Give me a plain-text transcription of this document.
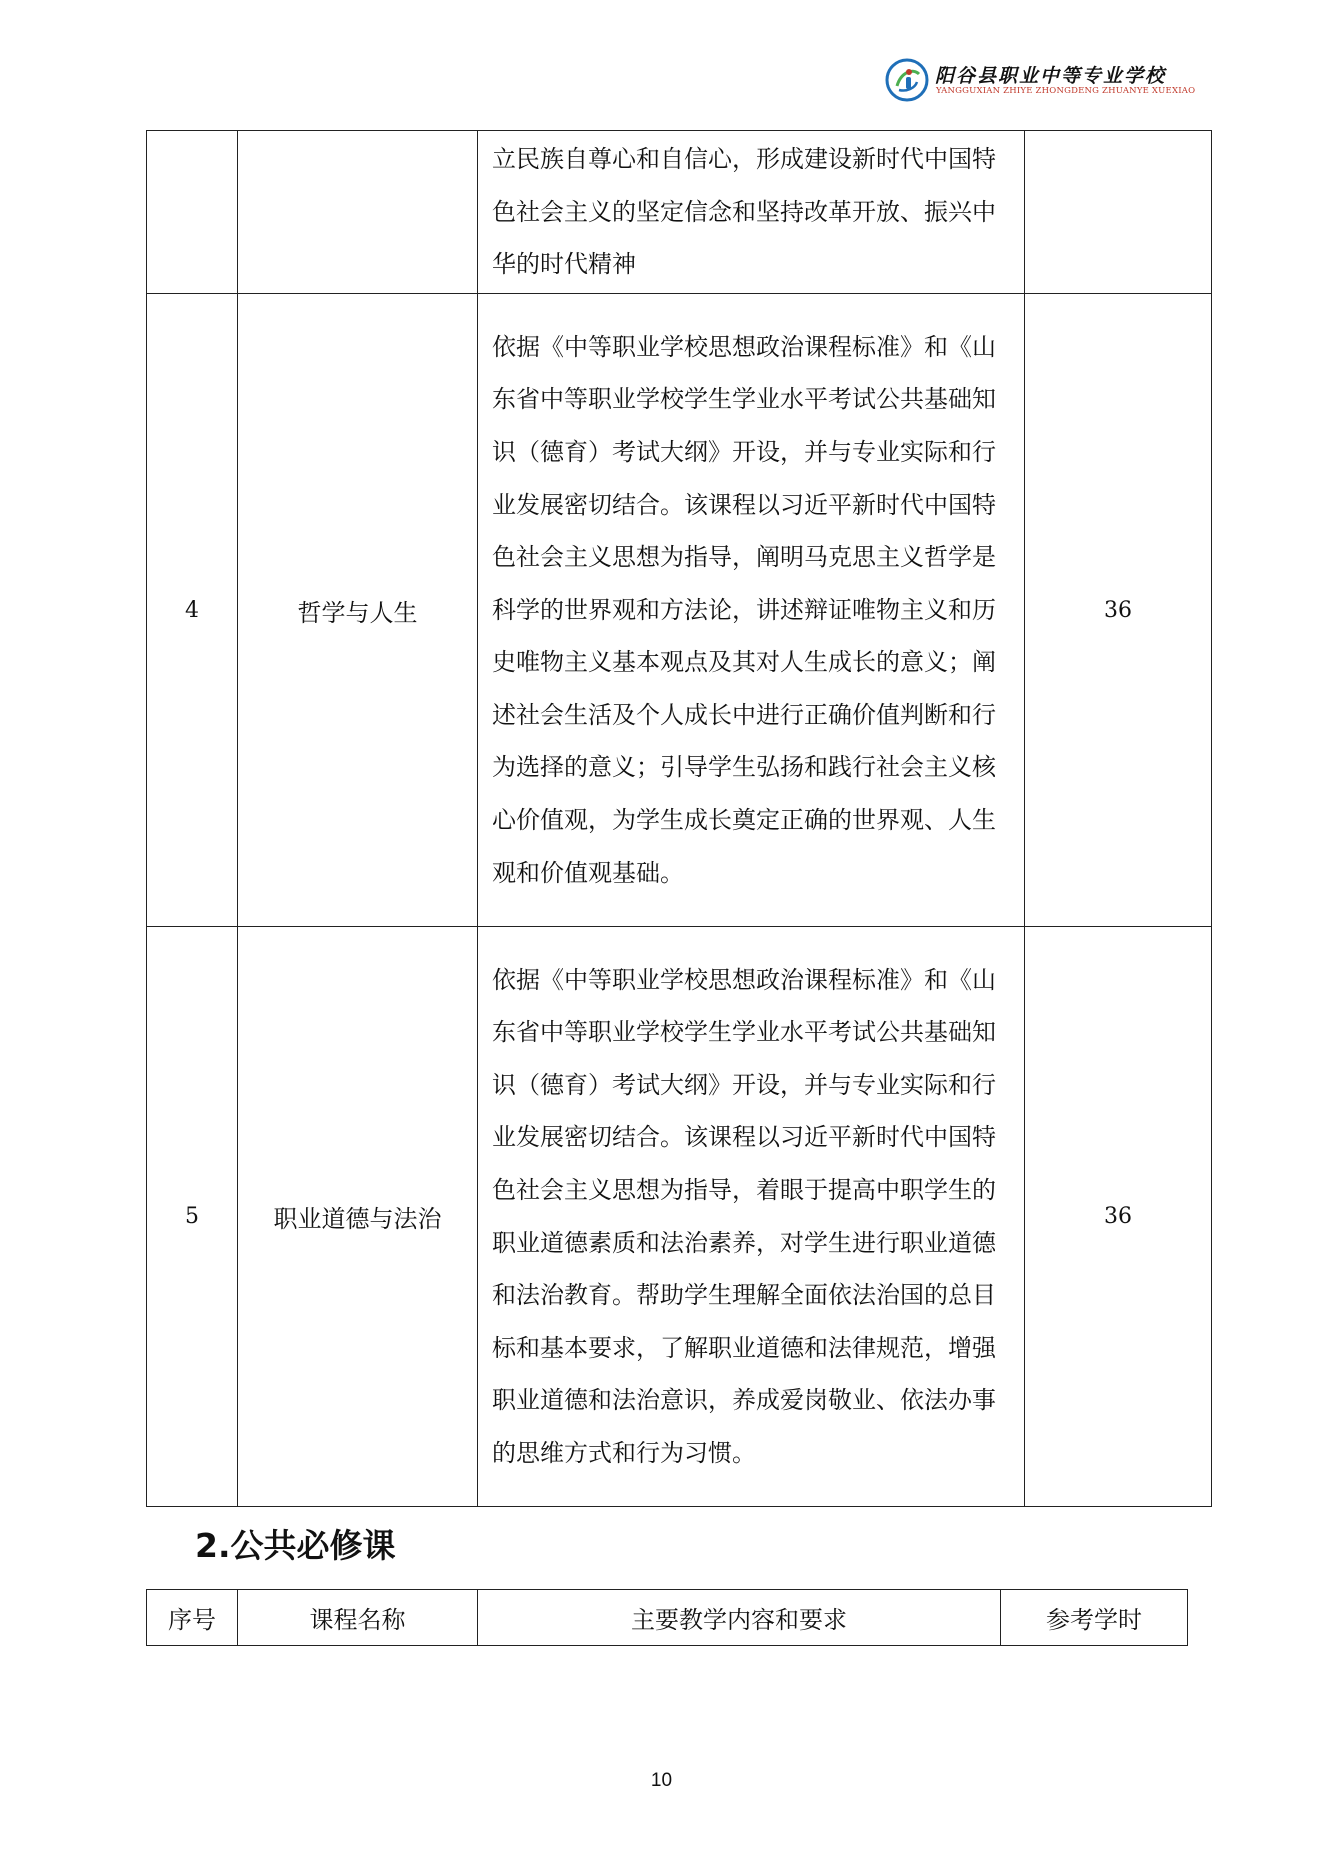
阳谷县职业中等专业学校
YANGGUXIAN ZHIYE ZHONGDENG ZHUANYE XUEXIAO
		立民族自尊心和自信心，形成建设新时代中国特色社会主义的坚定信念和坚持改革开放、振兴中华的时代精神	
4	哲学与人生	依据《中等职业学校思想政治课程标准》和《山东省中等职业学校学生学业水平考试公共基础知识（德育）考试大纲》开设，并与专业实际和行业发展密切结合。该课程以习近平新时代中国特色社会主义思想为指导，阐明马克思主义哲学是科学的世界观和方法论，讲述辩证唯物主义和历史唯物主义基本观点及其对人生成长的意义；阐述社会生活及个人成长中进行正确价值判断和行为选择的意义；引导学生弘扬和践行社会主义核心价值观，为学生成长奠定正确的世界观、人生观和价值观基础。	36
5	职业道德与法治	依据《中等职业学校思想政治课程标准》和《山东省中等职业学校学生学业水平考试公共基础知识（德育）考试大纲》开设，并与专业实际和行业发展密切结合。该课程以习近平新时代中国特色社会主义思想为指导，着眼于提高中职学生的职业道德素质和法治素养，对学生进行职业道德和法治教育。帮助学生理解全面依法治国的总目标和基本要求，了解职业道德和法律规范，增强职业道德和法治意识，养成爱岗敬业、依法办事的思维方式和行为习惯。	36
2.公共必修课
序号	课程名称	主要教学内容和要求	参考学时
10
